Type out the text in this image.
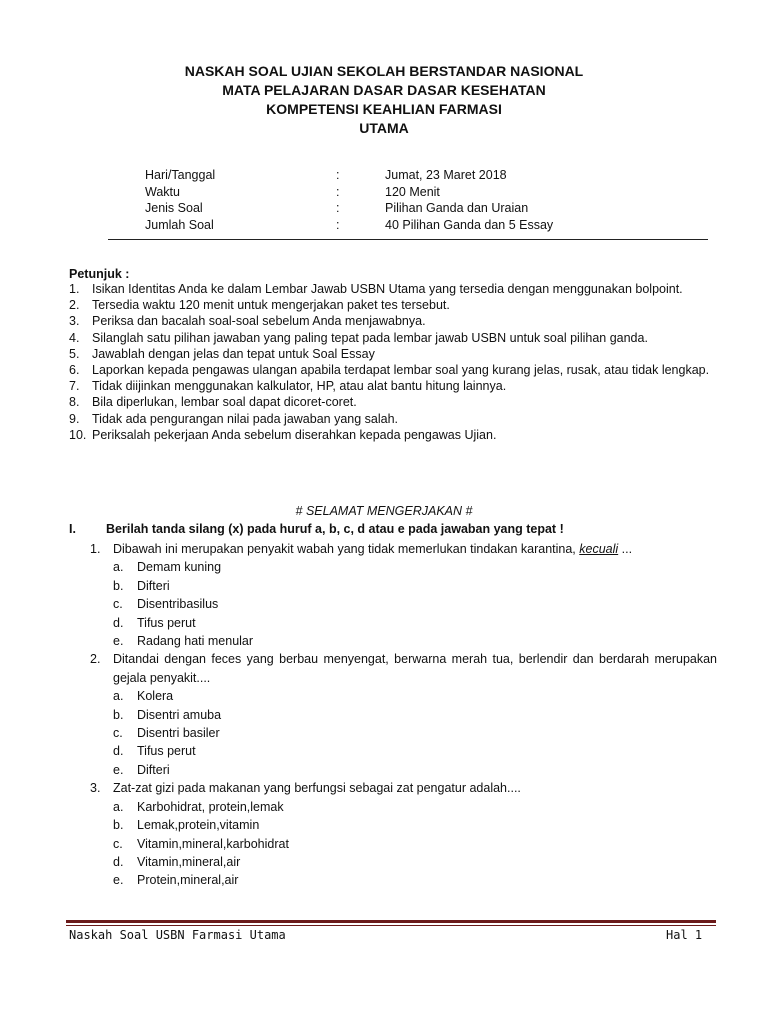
NASKAH SOAL UJIAN SEKOLAH BERSTANDAR NASIONAL
MATA PELAJARAN DASAR DASAR KESEHATAN
KOMPETENSI KEAHLIAN FARMASI
UTAMA
Hari/Tanggal	:	Jumat, 23 Maret 2018
Waktu	:	120 Menit
Jenis Soal	:	Pilihan Ganda dan Uraian
Jumlah Soal	:	40 Pilihan Ganda dan 5 Essay
Petunjuk :
1. Isikan Identitas Anda ke dalam Lembar Jawab USBN Utama yang tersedia dengan menggunakan bolpoint.
2. Tersedia waktu 120 menit untuk mengerjakan paket tes tersebut.
3. Periksa dan bacalah soal-soal sebelum Anda menjawabnya.
4. Silanglah satu pilihan jawaban yang paling tepat pada lembar jawab USBN untuk soal pilihan ganda.
5. Jawablah dengan jelas dan tepat untuk Soal Essay
6. Laporkan kepada pengawas ulangan apabila terdapat lembar soal yang kurang jelas, rusak, atau tidak lengkap.
7. Tidak diijinkan menggunakan kalkulator, HP, atau alat bantu hitung lainnya.
8. Bila diperlukan, lembar soal dapat dicoret-coret.
9. Tidak ada pengurangan nilai pada jawaban yang salah.
10. Periksalah pekerjaan Anda sebelum diserahkan kepada pengawas Ujian.
# SELAMAT MENGERJAKAN #
I. Berilah tanda silang (x) pada huruf a, b, c, d atau e pada jawaban yang tepat !
1. Dibawah ini merupakan penyakit wabah yang tidak memerlukan tindakan karantina, kecuali ...
a. Demam kuning
b. Difteri
c. Disentribasilus
d. Tifus perut
e. Radang hati menular
2. Ditandai dengan feces yang berbau menyengat, berwarna merah tua, berlendir dan berdarah merupakan gejala penyakit....
a. Kolera
b. Disentri amuba
c. Disentri basiler
d. Tifus perut
e. Difteri
3. Zat-zat gizi pada makanan yang berfungsi sebagai zat pengatur adalah....
a. Karbohidrat, protein,lemak
b. Lemak,protein,vitamin
c. Vitamin,mineral,karbohidrat
d. Vitamin,mineral,air
e. Protein,mineral,air
Naskah Soal USBN Farmasi Utama	Hal 1
